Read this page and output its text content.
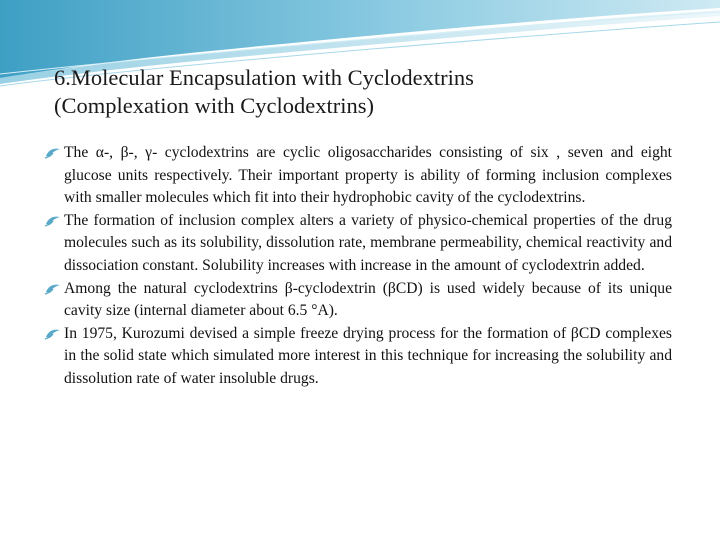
6.Molecular Encapsulation with Cyclodextrins
(Complexation with Cyclodextrins)
The α-, β-, γ- cyclodextrins are cyclic oligosaccharides consisting of six , seven and eight glucose units respectively. Their important property is ability of forming inclusion complexes with smaller molecules which fit into their hydrophobic cavity of the cyclodextrins.
The formation of inclusion complex alters a variety of physico-chemical properties of the drug molecules such as its solubility, dissolution rate, membrane permeability, chemical reactivity and dissociation constant. Solubility increases with increase in the amount of cyclodextrin added.
Among the natural cyclodextrins β-cyclodextrin (βCD) is used widely because of its unique cavity size (internal diameter about 6.5 °A).
In 1975, Kurozumi devised a simple freeze drying process for the formation of βCD complexes in the solid state which simulated more interest in this technique for increasing the solubility and dissolution rate of water insoluble drugs.
